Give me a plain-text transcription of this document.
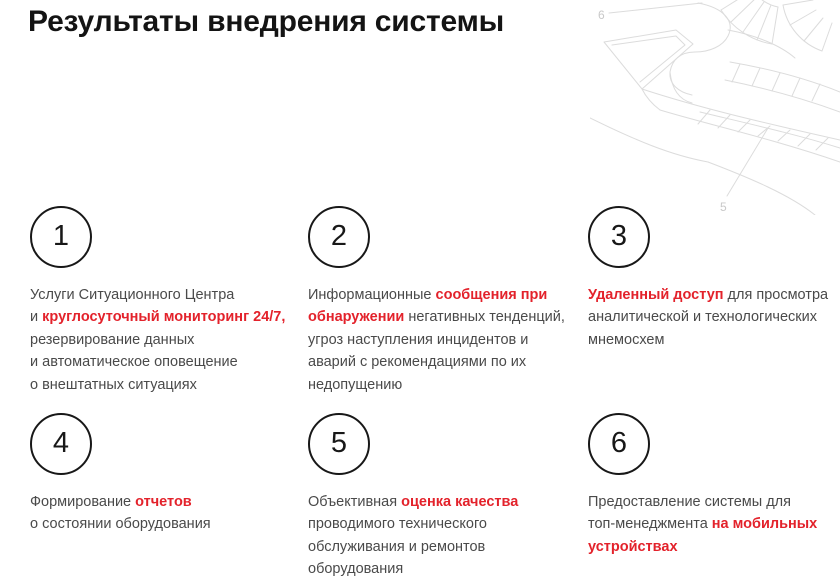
6
5
Результаты внедрения системы
1

Услуги Ситуационного Центра
и круглосуточный мониторинг 24/7,
резервирование данных
и автоматическое оповещение
о внештатных ситуациях

2

Информационные сообщения при
обнаружении негативных тенденций,
угроз наступления инцидентов и
аварий с рекомендациями по их
недопущению

3

Удаленный доступ для просмотра
аналитической и технологических
мнемосхем

4

Формирование отчетов
о состоянии оборудования

5

Объективная оценка качества
проводимого технического
обслуживания и ремонтов
оборудования

6

Предоставление системы для
топ-менеджмента на мобильных
устройствах
